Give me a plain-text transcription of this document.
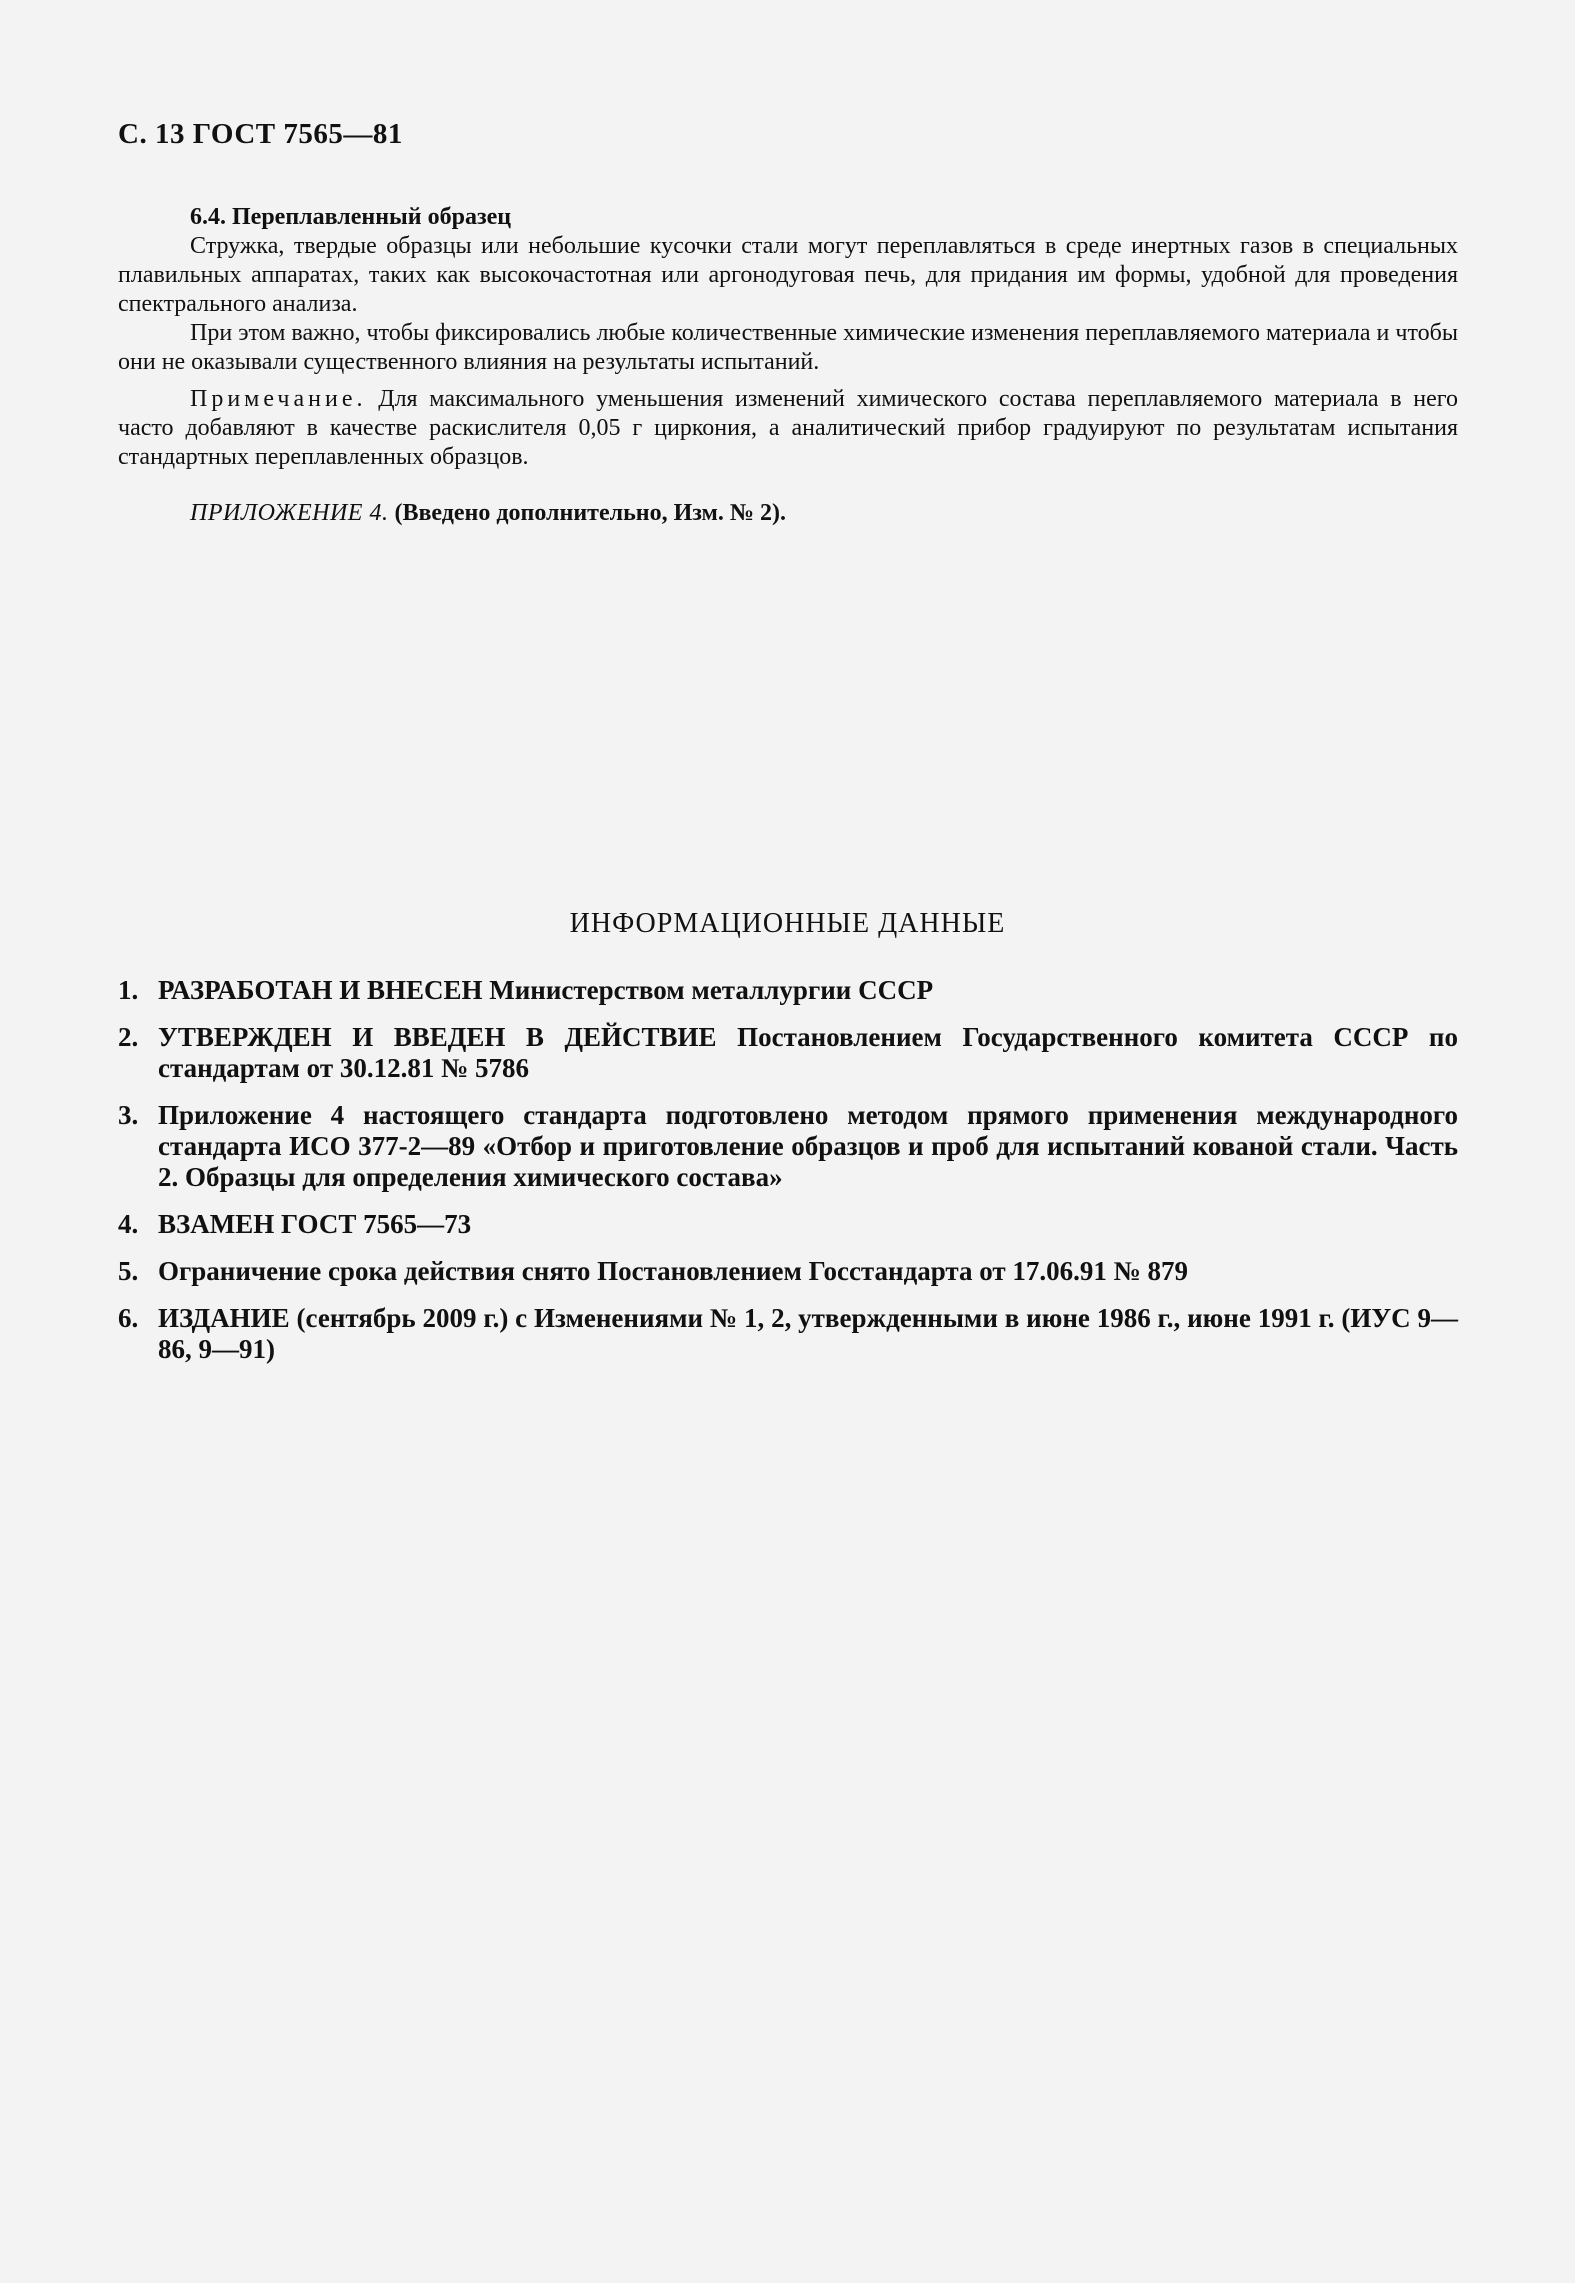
С. 13 ГОСТ 7565—81

6.4. Переплавленный образец

Стружка, твердые образцы или небольшие кусочки стали могут переплавляться в среде инертных газов в специальных плавильных аппаратах, таких как высокочастотная или аргонодуговая печь, для придания им формы, удобной для проведения спектрального анализа.

При этом важно, чтобы фиксировались любые количественные химические изменения переплавляемого материала и чтобы они не оказывали существенного влияния на результаты испытаний.

Примечание. Для максимального уменьшения изменений химического состава переплавляемого материала в него часто добавляют в качестве раскислителя 0,05 г циркония, а аналитический прибор градуируют по результатам испытания стандартных переплавленных образцов.

ПРИЛОЖЕНИЕ 4. (Введено дополнительно, Изм. № 2).
ИНФОРМАЦИОННЫЕ ДАННЫЕ
1. РАЗРАБОТАН И ВНЕСЕН Министерством металлургии СССР
2. УТВЕРЖДЕН И ВВЕДЕН В ДЕЙСТВИЕ Постановлением Государственного комитета СССР по стандартам от 30.12.81 № 5786
3. Приложение 4 настоящего стандарта подготовлено методом прямого применения международного стандарта ИСО 377-2—89 «Отбор и приготовление образцов и проб для испытаний кованой стали. Часть 2. Образцы для определения химического состава»
4. ВЗАМЕН ГОСТ 7565—73
5. Ограничение срока действия снято Постановлением Госстандарта от 17.06.91 № 879
6. ИЗДАНИЕ (сентябрь 2009 г.) с Изменениями № 1, 2, утвержденными в июне 1986 г., июне 1991 г. (ИУС 9—86, 9—91)
